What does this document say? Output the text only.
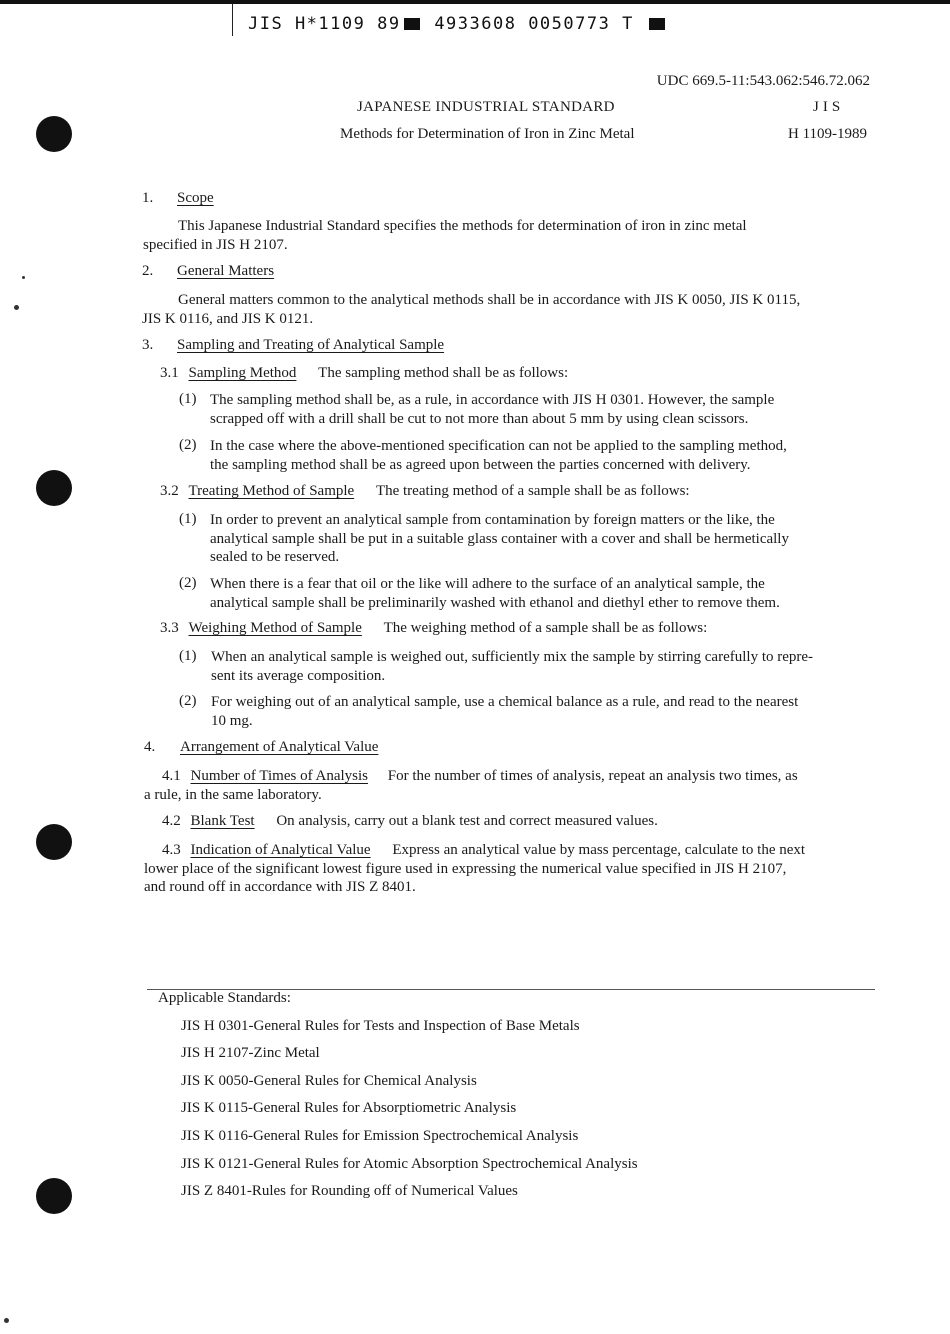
JIS H*1109 89 4933608 0050773 T
UDC 669.5-11:543.062:546.72.062
JAPANESE INDUSTRIAL STANDARD	JIS
Methods for Determination of Iron in Zinc Metal	H 1109-1989
1. Scope
This Japanese Industrial Standard specifies the methods for determination of iron in zinc metal
specified in JIS H 2107.
2. General Matters
General matters common to the analytical methods shall be in accordance with JIS K 0050, JIS K 0115,
JIS K 0116, and JIS K 0121.
3. Sampling and Treating of Analytical Sample
3.1 Sampling Method The sampling method shall be as follows:
(1) The sampling method shall be, as a rule, in accordance with JIS H 0301. However, the sample
scrapped off with a drill shall be cut to not more than about 5 mm by using clean scissors.
(2) In the case where the above-mentioned specification can not be applied to the sampling method,
the sampling method shall be as agreed upon between the parties concerned with delivery.
3.2 Treating Method of Sample The treating method of a sample shall be as follows:
(1) In order to prevent an analytical sample from contamination by foreign matters or the like, the
analytical sample shall be put in a suitable glass container with a cover and shall be hermetically
sealed to be reserved.
(2) When there is a fear that oil or the like will adhere to the surface of an analytical sample, the
analytical sample shall be preliminarily washed with ethanol and diethyl ether to remove them.
3.3 Weighing Method of Sample The weighing method of a sample shall be as follows:
(1) When an analytical sample is weighed out, sufficiently mix the sample by stirring carefully to repre-
sent its average composition.
(2) For weighing out of an analytical sample, use a chemical balance as a rule, and read to the nearest
10 mg.
4. Arrangement of Analytical Value
4.1 Number of Times of Analysis For the number of times of analysis, repeat an analysis two times, as
a rule, in the same laboratory.
4.2 Blank Test On analysis, carry out a blank test and correct measured values.
4.3 Indication of Analytical Value Express an analytical value by mass percentage, calculate to the next
lower place of the significant lowest figure used in expressing the numerical value specified in JIS H 2107,
and round off in accordance with JIS Z 8401.
Applicable Standards:
JIS H 0301-General Rules for Tests and Inspection of Base Metals
JIS H 2107-Zinc Metal
JIS K 0050-General Rules for Chemical Analysis
JIS K 0115-General Rules for Absorptiometric Analysis
JIS K 0116-General Rules for Emission Spectrochemical Analysis
JIS K 0121-General Rules for Atomic Absorption Spectrochemical Analysis
JIS Z 8401-Rules for Rounding off of Numerical Values
